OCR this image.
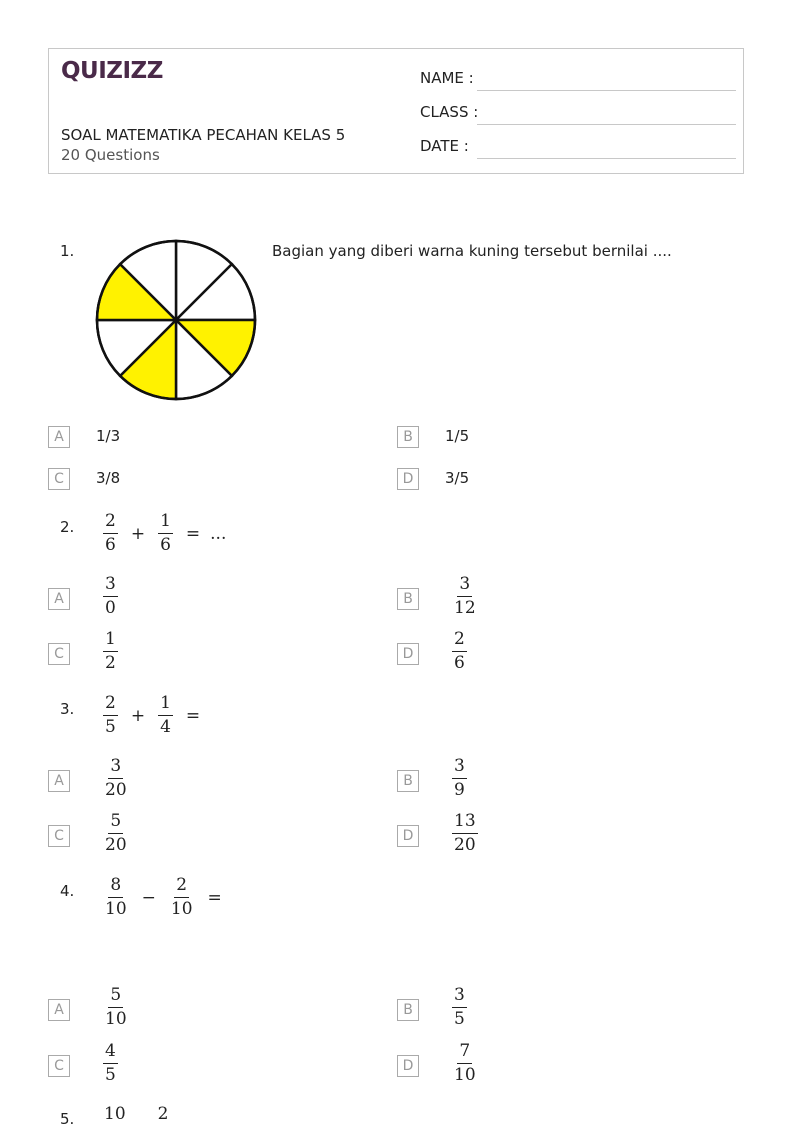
QUIZIZZ
SOAL MATEMATIKA PECAHAN KELAS 5
20 Questions
NAME :
CLASS :
DATE :
1.	Bagian yang diberi warna kuning tersebut bernilai ....
A	1/3	B	1/5
C	3/8	D	3/5
2. $\frac{2}{6} + \frac{1}{6}$ = ...
A	$\frac{3}{0}$	B	$\frac{3}{12}$
C	$\frac{1}{2}$	D	$\frac{2}{6}$
3. $\frac{2}{5} + \frac{1}{4}$ =
A	$\frac{3}{20}$	B	$\frac{3}{9}$
C	$\frac{5}{20}$	D	$\frac{13}{20}$
4. $\frac{8}{10} - \frac{2}{10}$ =
A	$\frac{5}{10}$	B	$\frac{3}{5}$
C	$\frac{4}{5}$	D	$\frac{7}{10}$
5. 10 2
